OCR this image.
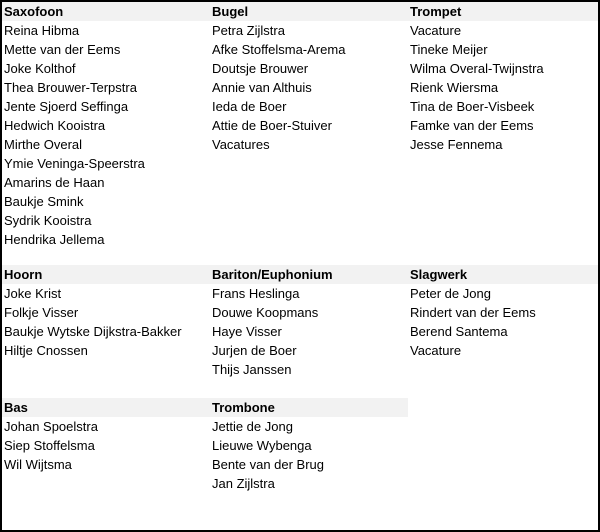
Saxofoon
Reina Hibma
Mette van der Eems
Joke Kolthof
Thea Brouwer-Terpstra
Jente Sjoerd Seffinga
Hedwich Kooistra
Mirthe Overal
Ymie Veninga-Speerstra
Amarins de Haan
Baukje Smink
Sydrik Kooistra
Hendrika Jellema
Bugel
Petra Zijlstra
Afke Stoffelsma-Arema
Doutsje Brouwer
Annie van Althuis
Ieda de Boer
Attie de Boer-Stuiver
Vacatures
Trompet
Vacature
Tineke Meijer
Wilma Overal-Twijnstra
Rienk Wiersma
Tina de Boer-Visbeek
Famke van der Eems
Jesse Fennema
Hoorn
Joke Krist
Folkje Visser
Baukje Wytske Dijkstra-Bakker
Hiltje Cnossen
Bariton/Euphonium
Frans Heslinga
Douwe Koopmans
Haye Visser
Jurjen de Boer
Thijs Janssen
Slagwerk
Peter de Jong
Rindert van der Eems
Berend Santema
Vacature
Bas
Johan Spoelstra
Siep Stoffelsma
Wil Wijtsma
Trombone
Jettie de Jong
Lieuwe Wybenga
Bente van der Brug
Jan Zijlstra
